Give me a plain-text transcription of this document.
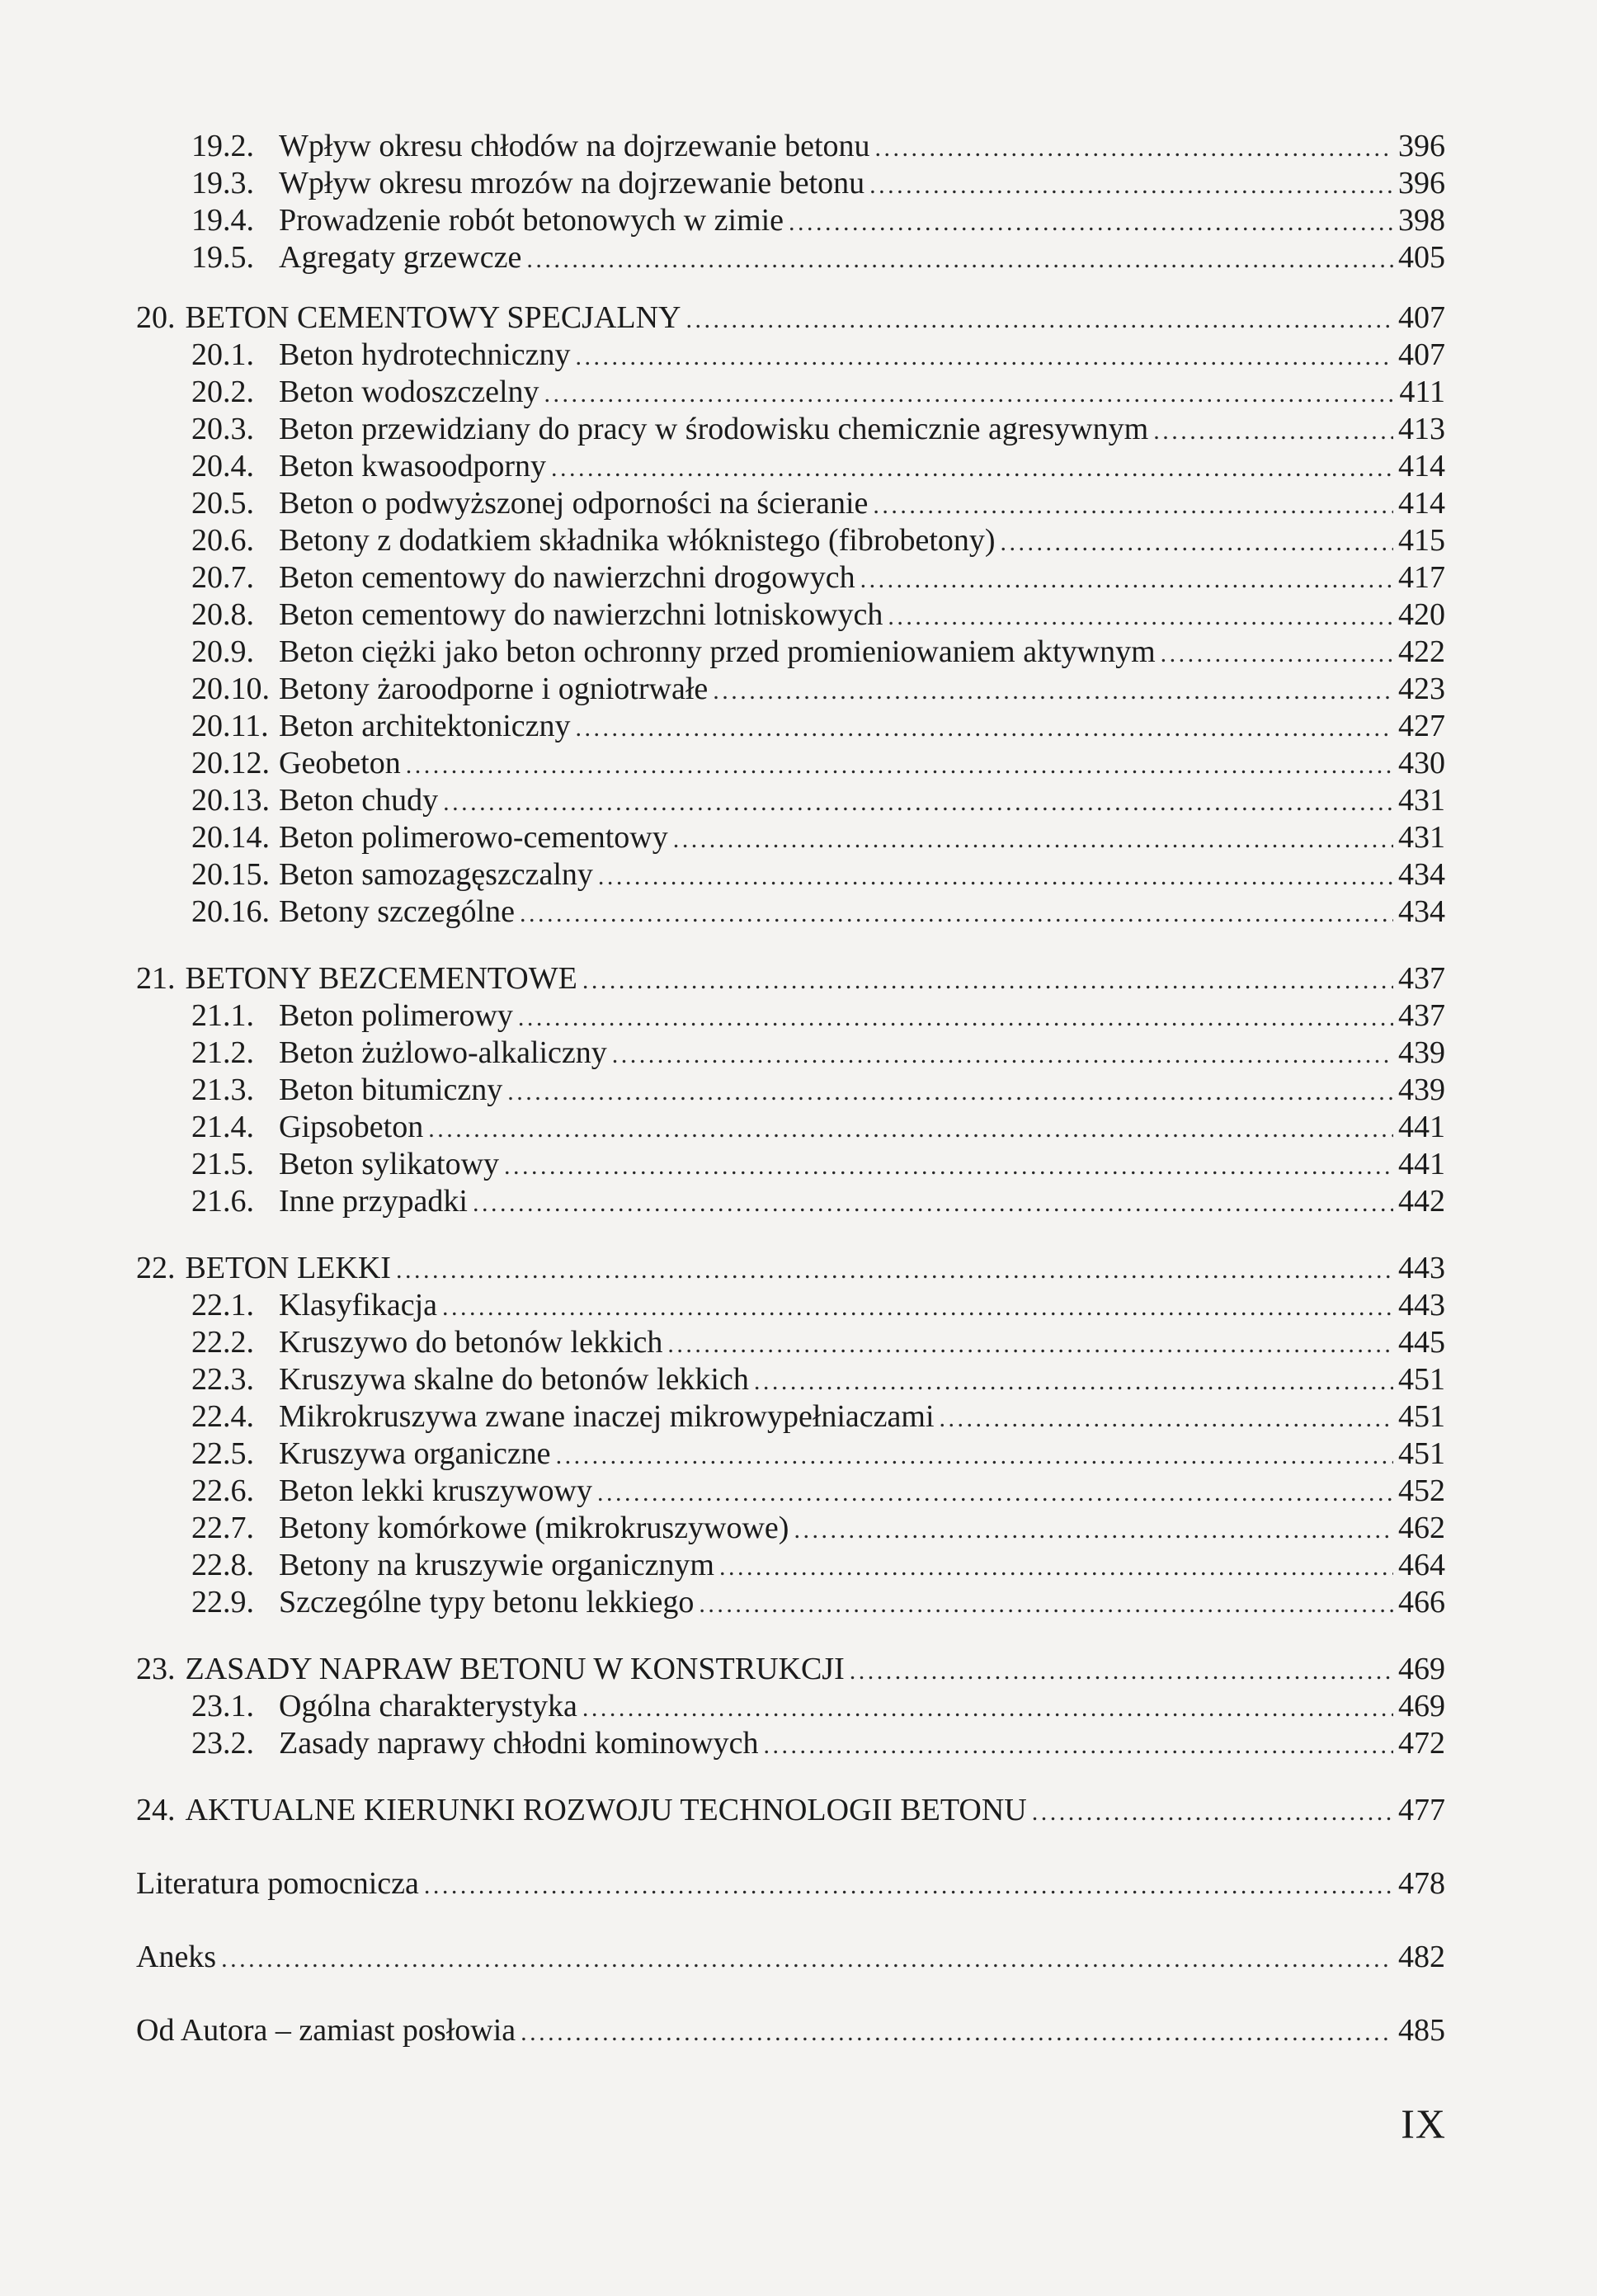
19.2. Wpływ okresu chłodów na dojrzewanie betonu . . .	396
19.3. Wpływ okresu mrozów na dojrzewanie betonu . . .	396
19.4. Prowadzenie robót betonowych w zimie . . .	398
19.5. Agregaty grzewcze . . .	405
20. BETON CEMENTOWY SPECJALNY . . .	407
20.1. Beton hydrotechniczny . . .	407
20.2. Beton wodoszczelny . . .	411
20.3. Beton przewidziany do pracy w środowisku chemicznie agresywnym . . .	413
20.4. Beton kwasoodporny . . .	414
20.5. Beton o podwyższonej odporności na ścieranie . . .	414
20.6. Betony z dodatkiem składnika włóknistego (fibrobetony) . . .	415
20.7. Beton cementowy do nawierzchni drogowych . . .	417
20.8. Beton cementowy do nawierzchni lotniskowych . . .	420
20.9. Beton ciężki jako beton ochronny przed promieniowaniem aktywnym . . .	422
20.10. Betony żaroodporne i ogniotrwałe . . .	423
20.11. Beton architektoniczny . . .	427
20.12. Geobeton . . .	430
20.13. Beton chudy . . .	431
20.14. Beton polimerowo-cementowy . . .	431
20.15. Beton samozagęszczalny . . .	434
20.16. Betony szczególne . . .	434
21. BETONY BEZCEMENTOWE . . .	437
21.1. Beton polimerowy . . .	437
21.2. Beton żużlowo-alkaliczny . . .	439
21.3. Beton bitumiczny . . .	439
21.4. Gipsobeton . . .	441
21.5. Beton sylikatowy . . .	441
21.6. Inne przypadki . . .	442
22. BETON LEKKI . . .	443
22.1. Klasyfikacja . . .	443
22.2. Kruszywo do betonów lekkich . . .	445
22.3. Kruszywa skalne do betonów lekkich . . .	451
22.4. Mikrokruszywa zwane inaczej mikrowypełniaczami . . .	451
22.5. Kruszywa organiczne . . .	451
22.6. Beton lekki kruszywowy . . .	452
22.7. Betony komórkowe (mikrokruszywowe) . . .	462
22.8. Betony na kruszywie organicznym . . .	464
22.9. Szczególne typy betonu lekkiego . . .	466
23. ZASADY NAPRAW BETONU W KONSTRUKCJI . . .	469
23.1. Ogólna charakterystyka . . .	469
23.2. Zasady naprawy chłodni kominowych . . .	472
24. AKTUALNE KIERUNKI ROZWOJU TECHNOLOGII BETONU . . .	477
Literatura pomocnicza . . .	478
Aneks . . .	482
Od Autora – zamiast posłowia . . .	485
IX
